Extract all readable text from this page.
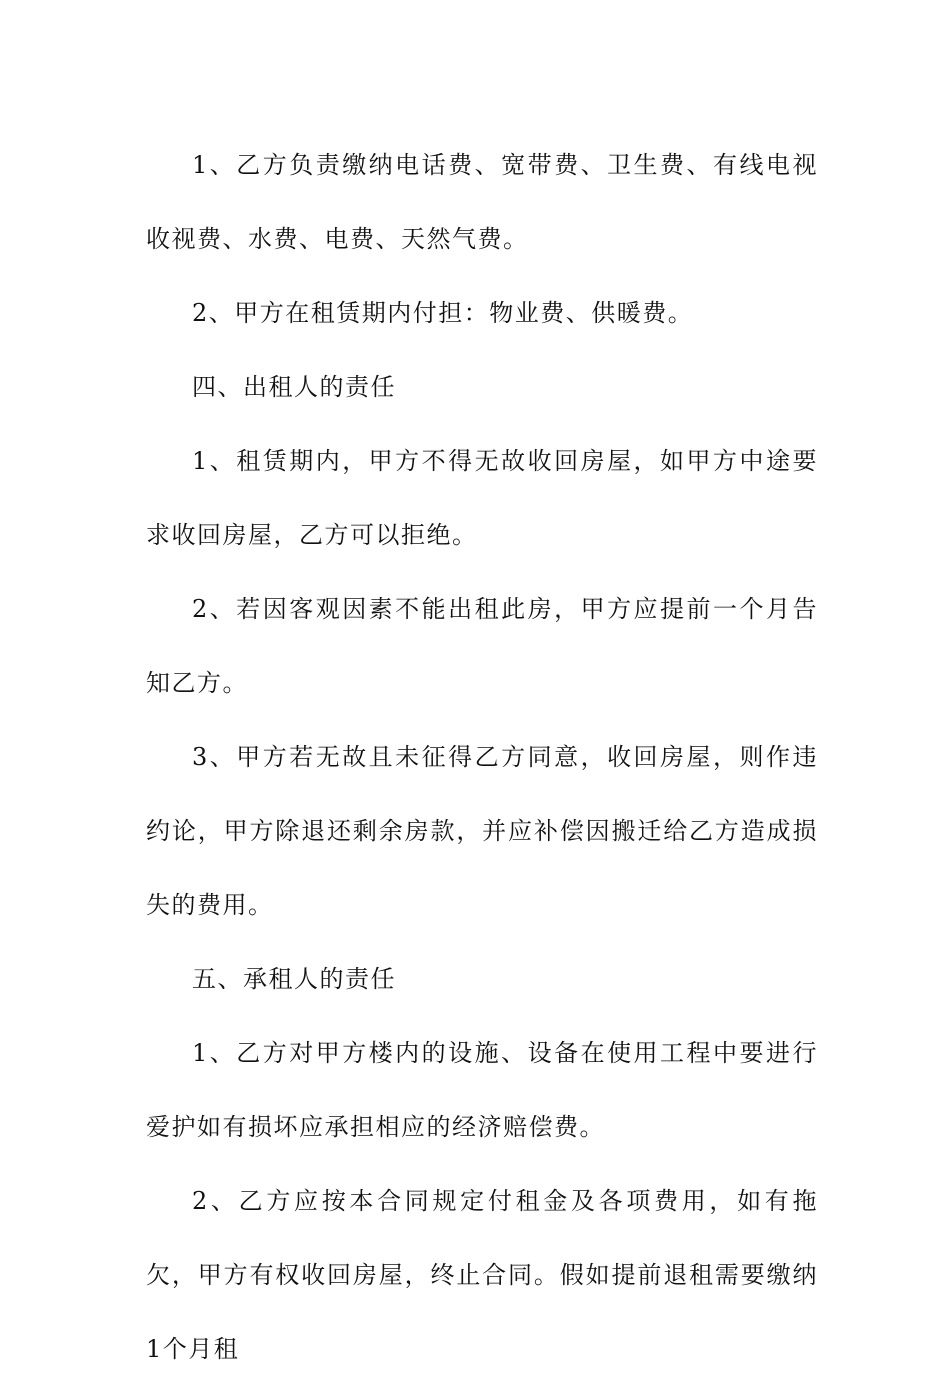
1、乙方负责缴纳电话费、宽带费、卫生费、有线电视收视费、水费、电费、天然气费。

2、甲方在租赁期内付担：物业费、供暖费。

四、出租人的责任

1、租赁期内，甲方不得无故收回房屋，如甲方中途要求收回房屋，乙方可以拒绝。

2、若因客观因素不能出租此房，甲方应提前一个月告知乙方。

3、甲方若无故且未征得乙方同意，收回房屋，则作违约论，甲方除退还剩余房款，并应补偿因搬迁给乙方造成损失的费用。

五、承租人的责任

1、乙方对甲方楼内的设施、设备在使用工程中要进行爱护如有损坏应承担相应的经济赔偿费。

2、乙方应按本合同规定付租金及各项费用，如有拖欠，甲方有权收回房屋，终止合同。假如提前退租需要缴纳1个月租
